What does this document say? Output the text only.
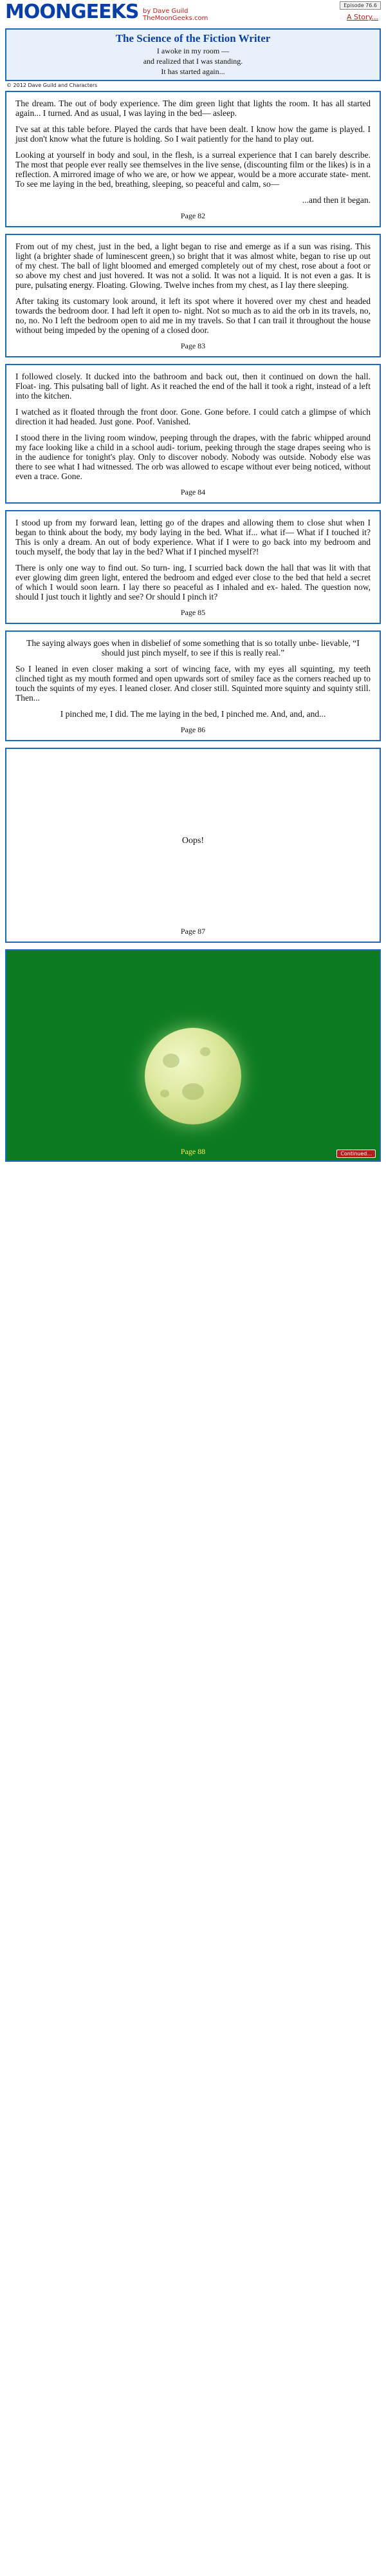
MOONGEEKS by Dave Guild
TheMoonGeeks.com
Episode 76.6
A Story...
The Science of the Fiction Writer
I awoke in my room —
and realized that I was standing.
It has started again...
© 2012 Dave Guild and Characters

The dream. The out of body experience. The dim green light that lights the room. It has all started again... I turned. And as usual, I was laying in the bed— asleep.

I've sat at this table before. Played the cards that have been dealt. I know how the game is played. I just don't know what the future is holding. So I wait patiently for the hand to play out.

Looking at yourself in body and soul, in the flesh, is a surreal experience that I can barely describe. The most that people ever really see themselves in the live sense, (discounting film or the likes) is in a reflection. A mirrored image of who we are, or how we appear, would be a more accurate state- ment. To see me laying in the bed, breathing, sleeping, so peaceful and calm, so—

...and then it began.

Page 82

From out of my chest, just in the bed, a light began to rise and emerge as if a sun was rising. This light (a brighter shade of luminescent green,) so bright that it was almost white, began to rise up out of my chest. The ball of light bloomed and emerged completely out of my chest, rose about a foot or so above my chest and just hovered. It was not a solid. It was not a liquid. It is not even a gas. It is pure, pulsating energy. Floating. Glowing. Twelve inches from my chest, as I lay there sleeping.

After taking its customary look around, it left its spot where it hovered over my chest and headed towards the bedroom door. I had left it open to- night. Not so much as to aid the orb in its travels, no, no, no. No I left the bedroom open to aid me in my travels. So that I can trail it throughout the house without being impeded by the opening of a closed door.

Page 83

I followed closely. It ducked into the bathroom and back out, then it continued on down the hall. Float- ing. This pulsating ball of light. As it reached the end of the hall it took a right, instead of a left into the kitchen.

I watched as it floated through the front door. Gone. Gone before. I could catch a glimpse of which direction it had headed. Just gone. Poof. Vanished.

I stood there in the living room window, peeping through the drapes, with the fabric whipped around my face looking like a child in a school audi- torium, peeking through the stage drapes seeing who is in the audience for tonight's play. Only to discover nobody. Nobody was outside. Nobody else was there to see what I had witnessed. The orb was allowed to escape without ever being noticed, without even a trace. Gone.

Page 84

I stood up from my forward lean, letting go of the drapes and allowing them to close shut when I began to think about the body, my body laying in the bed. What if... what if— What if I touched it? This is only a dream. An out of body experience. What if I were to go back into my bedroom and touch myself, the body that lay in the bed? What if I pinched myself?!

There is only one way to find out. So turn- ing, I scurried back down the hall that was lit with that ever glowing dim green light, entered the bedroom and edged ever close to the bed that held a secret of which I would soon learn. I lay there so peaceful as I inhaled and ex- haled. The question now, should I just touch it lightly and see? Or should I pinch it?

Page 85

The saying always goes when in disbelief of some something that is so totally unbe- lievable, “I should just pinch myself, to see if this is really real.”

So I leaned in even closer making a sort of wincing face, with my eyes all squinting, my teeth clinched tight as my mouth formed and open upwards sort of smiley face as the corners reached up to touch the squints of my eyes. I leaned closer. And closer still. Squinted more squinty and squinty still. Then...

I pinched me, I did. The me laying in the bed, I pinched me. And, and, and...

Page 86
Oops!
Page 87
Page 88	Continued...
